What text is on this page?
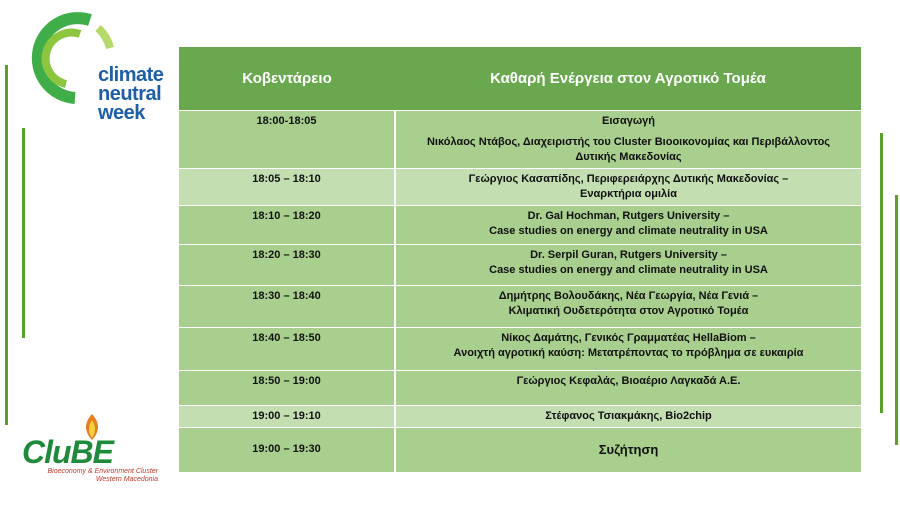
climate
neutral
week
CluBE
Bioeconomy & Environment Cluster
Western Macedonia
Κοβεντάρειο	Καθαρή Ενέργεια στον Αγροτικό Τομέα
18:00-18:05	Εισαγωγή
Νικόλαος Ντάβος, Διαχειριστής του Cluster Βιοοικονομίας και Περιβάλλοντος
Δυτικής Μακεδονίας

18:05 – 18:10	Γεώργιος Κασαπίδης, Περιφερειάρχης Δυτικής Μακεδονίας –
Εναρκτήρια ομιλία

18:10 – 18:20	Dr. Gal Hochman, Rutgers University –
Case studies on energy and climate neutrality in USA

18:20 – 18:30	Dr. Serpil Guran, Rutgers University –
Case studies on energy and climate neutrality in USA

18:30 – 18:40	Δημήτρης Βολουδάκης, Νέα Γεωργία, Νέα Γενιά –
Κλιματική Ουδετερότητα στον Αγροτικό Τομέα

18:40 – 18:50	Νίκος Δαμάτης, Γενικός Γραμματέας HellaBiom –
Ανοιχτή αγροτική καύση: Μετατρέποντας το πρόβλημα σε ευκαιρία

18:50 – 19:00	Γεώργιος Κεφαλάς, Βιοαέριο Λαγκαδά Α.Ε.

19:00 – 19:10	Στέφανος Τσιακμάκης, Bio2chip

19:00 – 19:30	Συζήτηση
